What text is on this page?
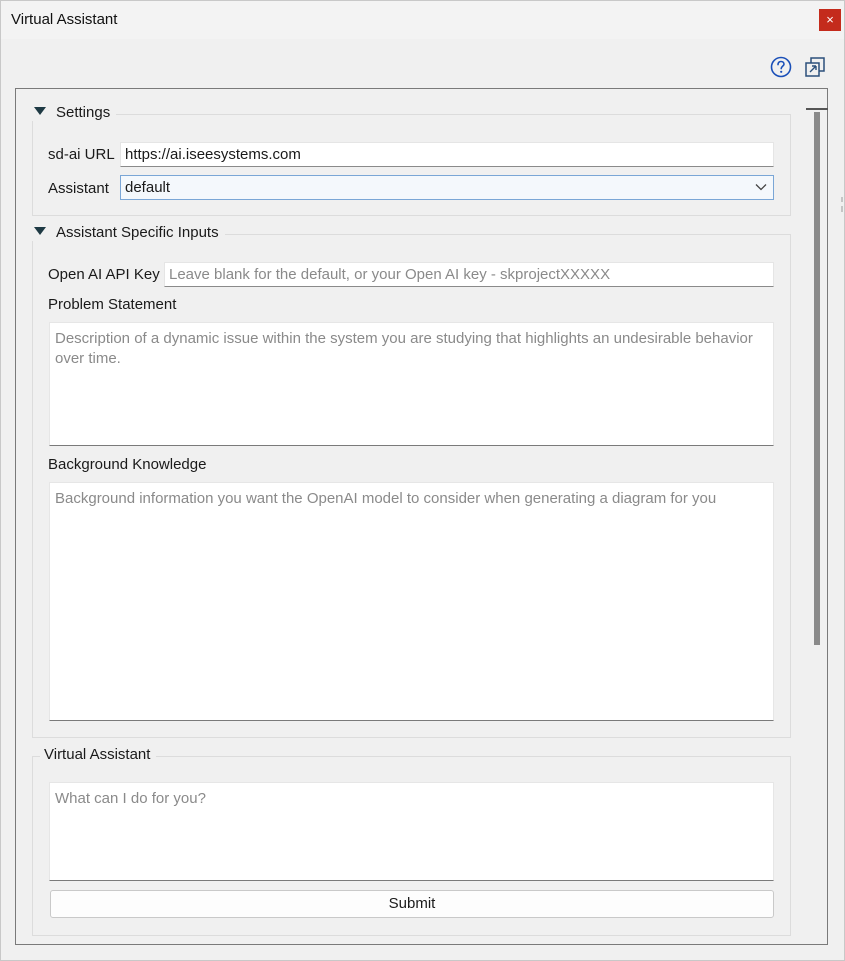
Virtual Assistant	×
Settings
sd-ai URL https://ai.iseesystems.com
Assistant	default
Assistant Specific Inputs
Open AI API Key Leave blank for the default, or your Open AI key - skprojectXXXXX
Problem Statement
Description of a dynamic issue within the system you are studying that highlights an undesirable behavior over time.
Background Knowledge
Background information you want the OpenAI model to consider when generating a diagram for you
Virtual Assistant
What can I do for you?
Submit
